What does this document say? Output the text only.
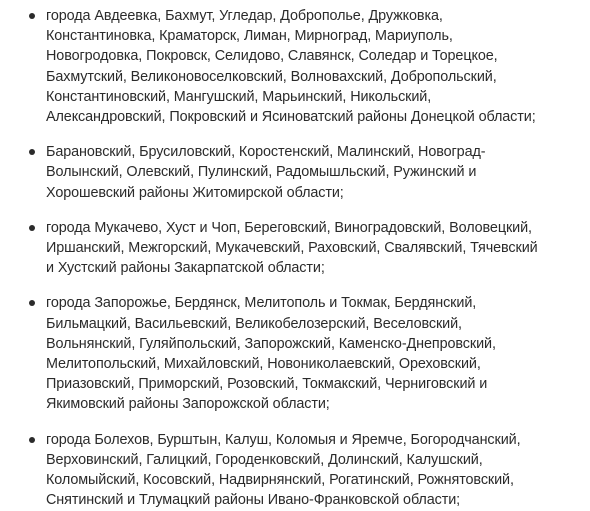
города Авдеевка, Бахмут, Угледар, Доброполье, Дружковка,
Константиновка, Краматорск, Лиман, Мирноград, Мариуполь,
Новогродовка, Покровск, Селидово, Славянск, Соледар и Торецкое,
Бахмутский, Великоновоселковский, Волновахский, Добропольский,
Константиновский, Мангушский, Марьинский, Никольский,
Александровский, Покровский и Ясиноватский районы Донецкой области;
Барановский, Брусиловский, Коростенский, Малинский, Новоград-
Волынский, Олевский, Пулинский, Радомышльский, Ружинский и
Хорошевский районы Житомирской области;
города Мукачево, Хуст и Чоп, Береговский, Виноградовский, Воловецкий,
Иршанский, Межгорский, Мукачевский, Раховский, Свалявский, Тячевский
и Хустский районы Закарпатской области;
города Запорожье, Бердянск, Мелитополь и Токмак, Бердянский,
Бильмацкий, Васильевский, Великобелозерский, Веселовский,
Вольнянский, Гуляйпольский, Запорожский, Каменско-Днепровский,
Мелитопольский, Михайловский, Новониколаевский, Ореховский,
Приазовский, Приморский, Розовский, Токмакский, Черниговский и
Якимовский районы Запорожской области;
города Болехов, Бурштын, Калуш, Коломыя и Яремче, Богородчанский,
Верховинский, Галицкий, Городенковский, Долинский, Калушский,
Коломыйский, Косовский, Надвирнянский, Рогатинский, Рожнятовский,
Снятинский и Тлумацкий районы Ивано-Франковской области;
